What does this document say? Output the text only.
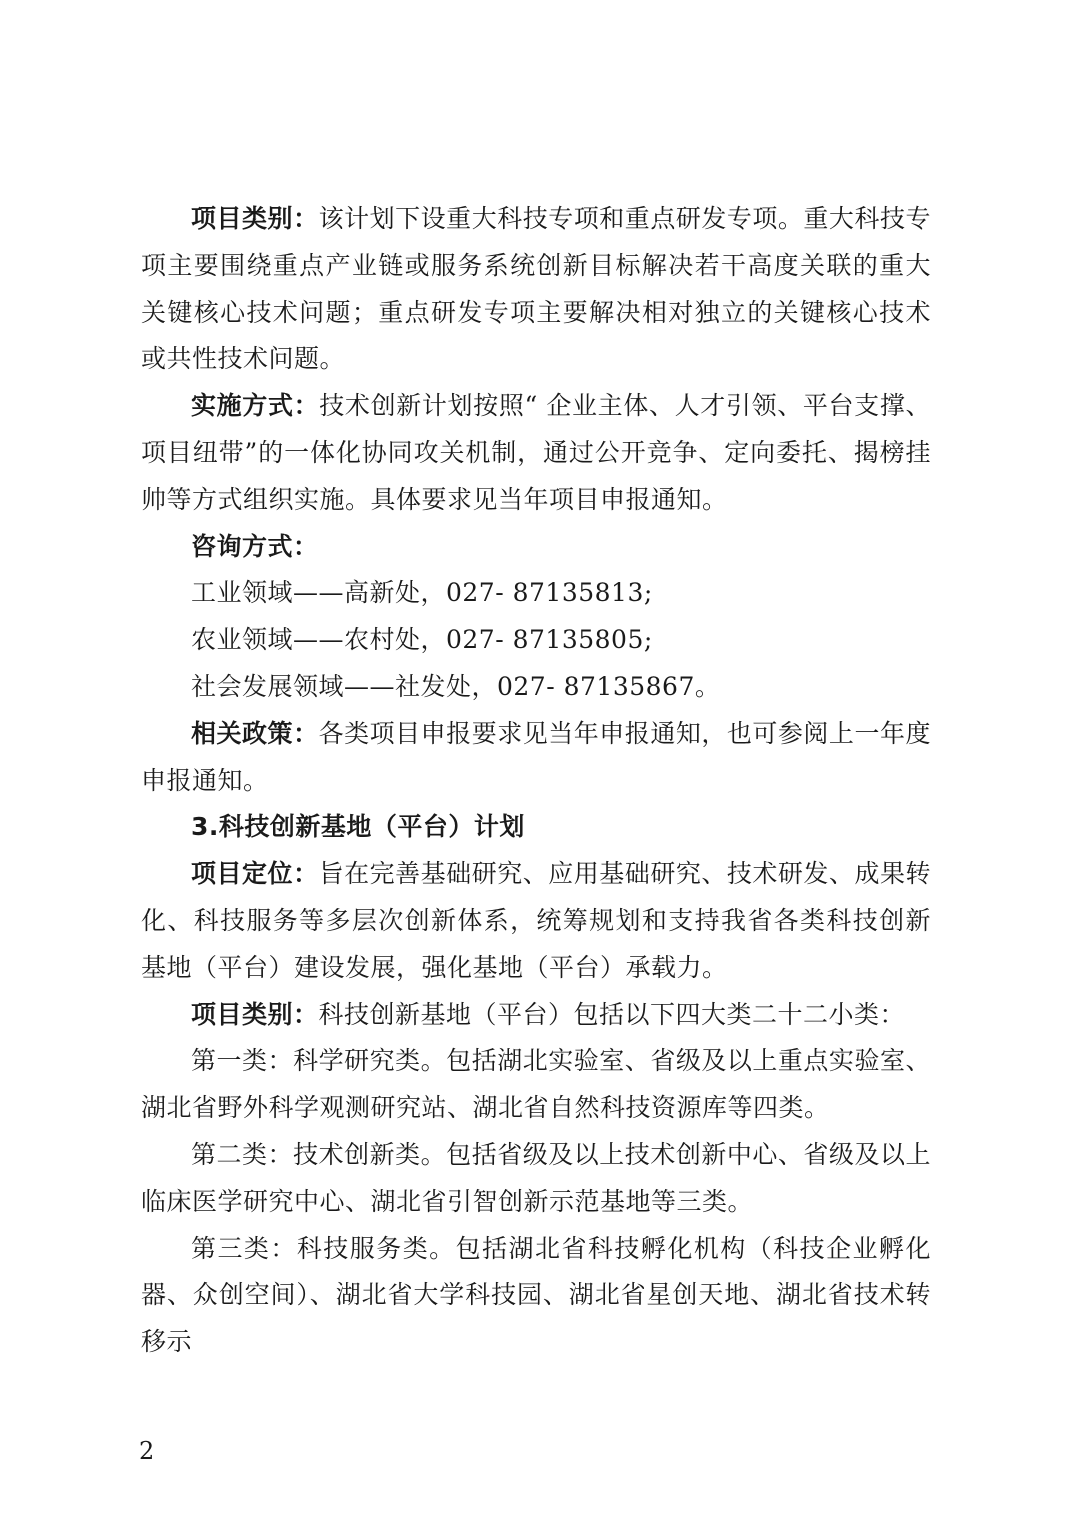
项目类别：该计划下设重大科技专项和重点研发专项。重大科技专项主要围绕重点产业链或服务系统创新目标解决若干高度关联的重大关键核心技术问题；重点研发专项主要解决相对独立的关键核心技术或共性技术问题。

实施方式：技术创新计划按照“ 企业主体、人才引领、平台支撑、项目纽带”的一体化协同攻关机制，通过公开竞争、定向委托、揭榜挂帅等方式组织实施。具体要求见当年项目申报通知。

咨询方式：

工业领域——高新处，027- 87135813;

农业领域——农村处，027- 87135805;

社会发展领域——社发处，027- 87135867。

相关政策：各类项目申报要求见当年申报通知，也可参阅上一年度申报通知。

3.科技创新基地（平台）计划

项目定位：旨在完善基础研究、应用基础研究、技术研发、成果转化、科技服务等多层次创新体系，统筹规划和支持我省各类科技创新基地（平台）建设发展，强化基地（平台）承载力。

项目类别：科技创新基地（平台）包括以下四大类二十二小类：

第一类：科学研究类。包括湖北实验室、省级及以上重点实验室、湖北省野外科学观测研究站、湖北省自然科技资源库等四类。

第二类：技术创新类。包括省级及以上技术创新中心、省级及以上临床医学研究中心、湖北省引智创新示范基地等三类。

第三类：科技服务类。包括湖北省科技孵化机构（科技企业孵化器、众创空间）、湖北省大学科技园、湖北省星创天地、湖北省技术转移示

2
